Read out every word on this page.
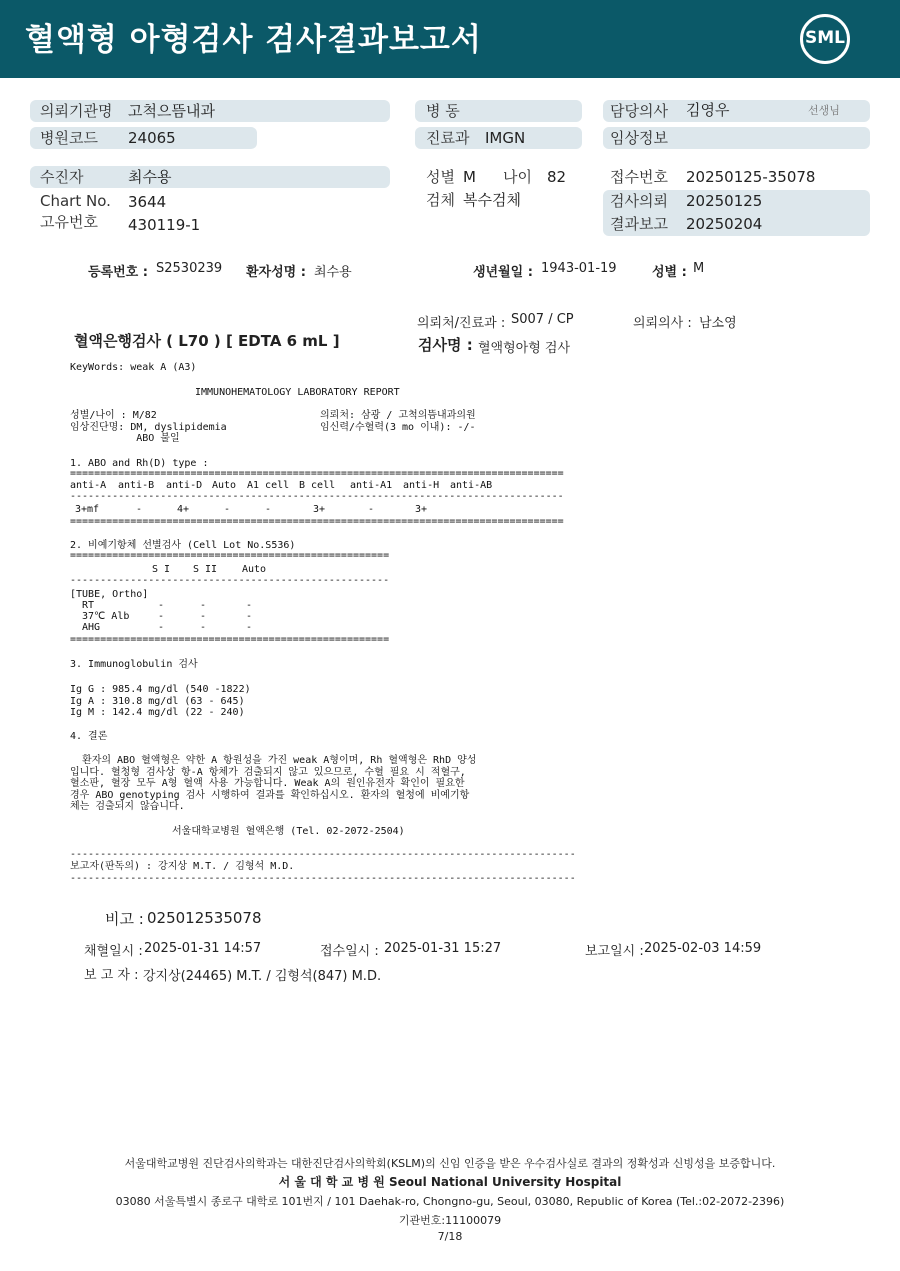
혈액형 아형검사 검사결과보고서	SML
의뢰기관명 고척으뜸내과
병원코드 24065
병 동
진료과 IMGN
담당의사 김영우	선생님
임상정보
수진자	최수용
Chart No. 3644
고유번호 430119-1
성별 M 나이 82
검체 복수검체
접수번호 20250125-35078
검사의뢰 20250125
결과보고 20250204
등록번호 : S2530239 환자성명 : 최수용	생년월일 : 1943-01-19	성별 : M
의뢰처/진료과 : S007 / CP	의뢰의사 : 남소영
혈액은행검사 ( L70 ) [ EDTA 6 mL ]	검사명 : 혈액형아형 검사
KeyWords: weak A (A3)
IMMUNOHEMATOLOGY LABORATORY REPORT
성별/나이 : M/82	의뢰처: 삼광 / 고척의뜸내과의원
임상진단명: DM, dyslipidemia
ABO 불일
임신력/수혈력(3 mo 이내): -/-
1. ABO and Rh(D) type :
==================================================================================
anti-A anti-B anti-D Auto A1 cell B cell anti-A1 anti-H anti-AB
----------------------------------------------------------------------------------
3+mf	-	4+	-	-	3+	-	3+
==================================================================================
2. 비예기항체 선별검사 (Cell Lot No.S536)
=====================================================
S I S II Auto
-----------------------------------------------------
[TUBE, Ortho]
RT	-	-	-
37℃ Alb	-	-	-
AHG	-	-	-
=====================================================
3. Immunoglobulin 검사
Ig G : 985.4 mg/dl (540 -1822)
Ig A : 310.8 mg/dl (63 - 645)
Ig M : 142.4 mg/dl (22 - 240)
4. 결론
환자의 ABO 혈액형은 약한 A 항원성을 가진 weak A형이며, Rh 혈액형은 RhD 양성
입니다. 혈청형 검사상 항-A 항체가 검출되지 않고 있으므로, 수혈 필요 시 적혈구,
혈소판, 혈장 모두 A형 혈액 사용 가능합니다. Weak A의 원인유전자 확인이 필요한
경우 ABO genotyping 검사 시행하여 결과를 확인하십시오. 환자의 혈청에 비예기항
체는 검출되지 않습니다.
서울대학교병원 혈액은행 (Tel. 02-2072-2504)
------------------------------------------------------------------------------------
보고자(판독의) : 강지상 M.T. / 김형석 M.D.
------------------------------------------------------------------------------------
비고 : 025012535078
채혈일시 : 2025-01-31 14:57	접수일시 : 2025-01-31 15:27	보고일시 : 2025-02-03 14:59
보 고 자 : 강지상(24465) M.T. / 김형석(847) M.D.
서울대학교병원 진단검사의학과는 대한진단검사의학회(KSLM)의 신임 인증을 받은 우수검사실로 결과의 정확성과 신빙성을 보증합니다.
서 울 대 학 교 병 원 Seoul National University Hospital
03080 서울특별시 종로구 대학로 101번지 / 101 Daehak-ro, Chongno-gu, Seoul, 03080, Republic of Korea (Tel.:02-2072-2396)
기관번호:11100079
7/18
